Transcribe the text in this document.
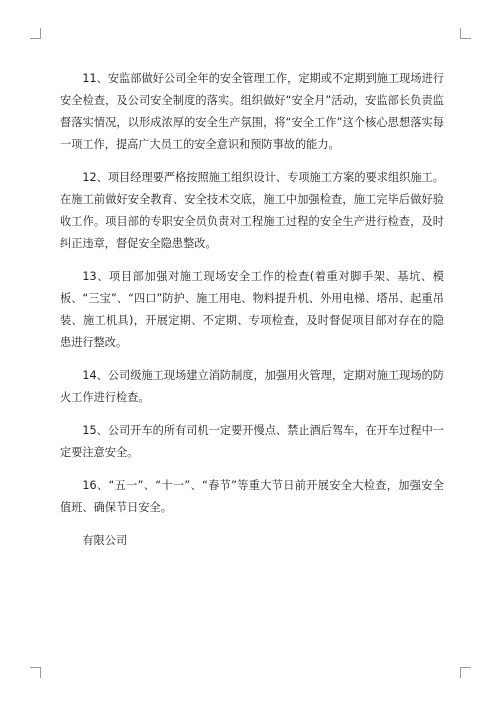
11、安监部做好公司全年的安全管理工作，定期或不定期到施工现场进行安全检查，及公司安全制度的落实。组织做好“安全月”活动，安监部长负责监督落实情况，以形成浓厚的安全生产氛围，将“安全工作”这个核心思想落实每一项工作，提高广大员工的安全意识和预防事故的能力。

12、项目经理要严格按照施工组织设计、专项施工方案的要求组织施工。在施工前做好安全教育、安全技术交底，施工中加强检查，施工完毕后做好验收工作。项目部的专职安全员负责对工程施工过程的安全生产进行检查，及时纠正违章，督促安全隐患整改。

13、项目部加强对施工现场安全工作的检查(着重对脚手架、基坑、模板、“三宝”、“四口”防护、施工用电、物料提升机、外用电梯、塔吊、起重吊装、施工机具)，开展定期、不定期、专项检查，及时督促项目部对存在的隐患进行整改。

14、公司级施工现场建立消防制度，加强用火管理，定期对施工现场的防火工作进行检查。

15、公司开车的所有司机一定要开慢点、禁止酒后驾车，在开车过程中一定要注意安全。

16、“五一”、“十一”、“春节”等重大节日前开展安全大检查，加强安全值班、确保节日安全。

有限公司
